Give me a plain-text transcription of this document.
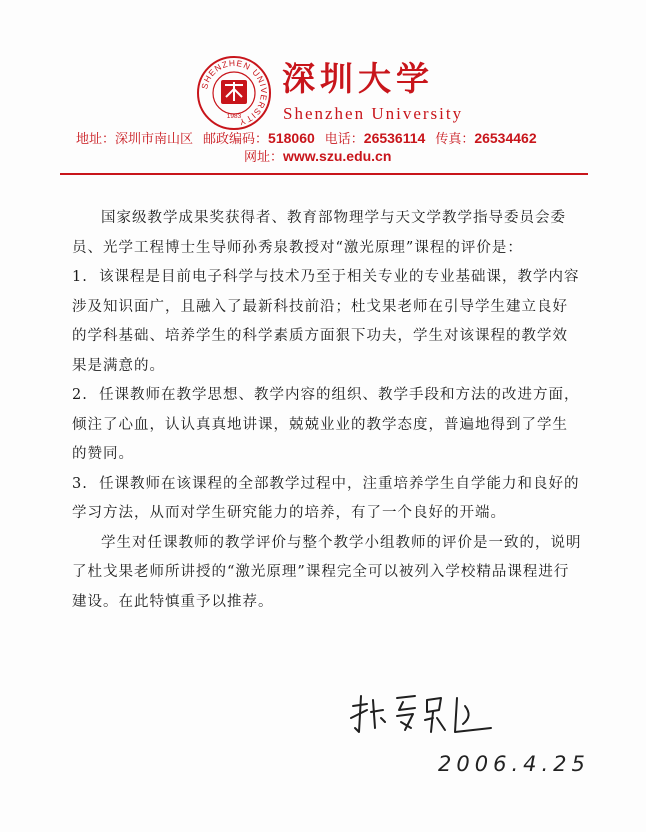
SHENZHEN UNIVERSITY
1983
深圳大学
Shenzhen University
地址：深圳市南山区 邮政编码：518060 电话：26536114 传真：26534462
网址：www.szu.edu.cn

国家级教学成果奖获得者、教育部物理学与天文学教学指导委员会委员、光学工程博士生导师孙秀泉教授对“激光原理”课程的评价是：

1. 该课程是目前电子科学与技术乃至于相关专业的专业基础课，教学内容涉及知识面广，且融入了最新科技前沿；杜戈果老师在引导学生建立良好的学科基础、培养学生的科学素质方面狠下功夫，学生对该课程的教学效果是满意的。

2. 任课教师在教学思想、教学内容的组织、教学手段和方法的改进方面，倾注了心血，认认真真地讲课，兢兢业业的教学态度，普遍地得到了学生的赞同。

3. 任课教师在该课程的全部教学过程中，注重培养学生自学能力和良好的学习方法，从而对学生研究能力的培养，有了一个良好的开端。

学生对任课教师的教学评价与整个教学小组教师的评价是一致的，说明了杜戈果老师所讲授的“激光原理”课程完全可以被列入学校精品课程进行建设。在此特慎重予以推荐。

2006.4.25
